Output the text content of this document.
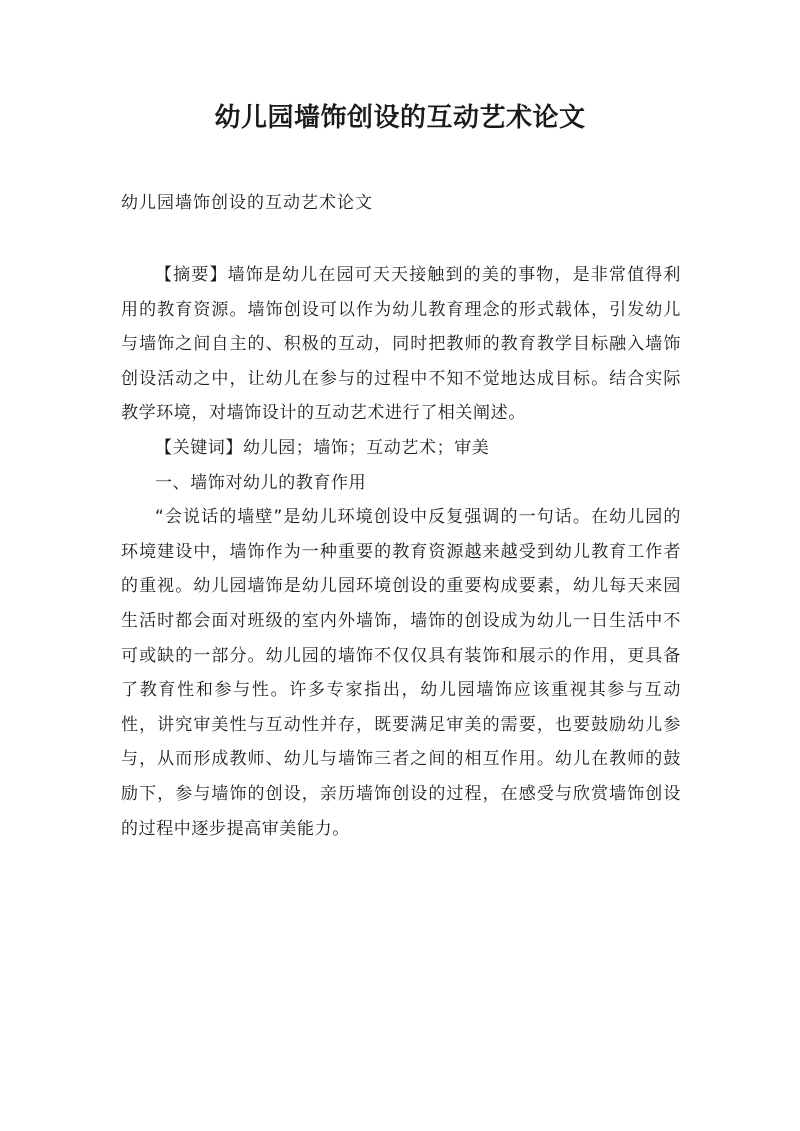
幼儿园墙饰创设的互动艺术论文

幼儿园墙饰创设的互动艺术论文

【摘要】墙饰是幼儿在园可天天接触到的美的事物，是非常值得利用的教育资源。墙饰创设可以作为幼儿教育理念的形式载体，引发幼儿与墙饰之间自主的、积极的互动，同时把教师的教育教学目标融入墙饰创设活动之中，让幼儿在参与的过程中不知不觉地达成目标。结合实际教学环境，对墙饰设计的互动艺术进行了相关阐述。

【关键词】幼儿园；墙饰；互动艺术；审美

一、墙饰对幼儿的教育作用

“会说话的墙壁”是幼儿环境创设中反复强调的一句话。在幼儿园的环境建设中，墙饰作为一种重要的教育资源越来越受到幼儿教育工作者的重视。幼儿园墙饰是幼儿园环境创设的重要构成要素，幼儿每天来园生活时都会面对班级的室内外墙饰，墙饰的创设成为幼儿一日生活中不可或缺的一部分。幼儿园的墙饰不仅仅具有装饰和展示的作用，更具备了教育性和参与性。许多专家指出，幼儿园墙饰应该重视其参与互动性，讲究审美性与互动性并存，既要满足审美的需要，也要鼓励幼儿参与，从而形成教师、幼儿与墙饰三者之间的相互作用。幼儿在教师的鼓励下，参与墙饰的创设，亲历墙饰创设的过程，在感受与欣赏墙饰创设的过程中逐步提高审美能力。
